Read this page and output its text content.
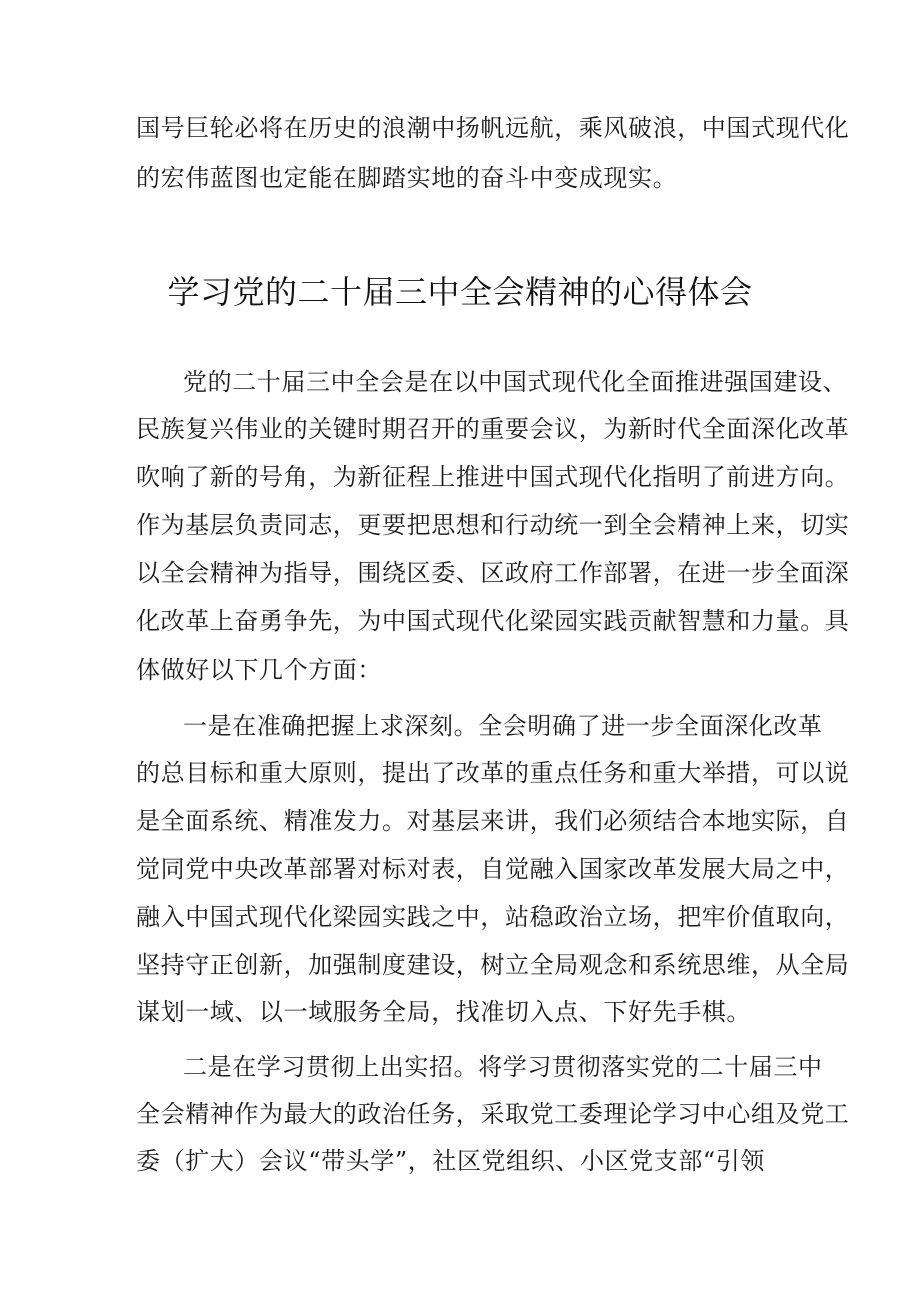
国号巨轮必将在历史的浪潮中扬帆远航，乘风破浪，中国式现代化
的宏伟蓝图也定能在脚踏实地的奋斗中变成现实。
学习党的二十届三中全会精神的心得体会
党的二十届三中全会是在以中国式现代化全面推进强国建设、
民族复兴伟业的关键时期召开的重要会议，为新时代全面深化改革
吹响了新的号角，为新征程上推进中国式现代化指明了前进方向。
作为基层负责同志，更要把思想和行动统一到全会精神上来，切实
以全会精神为指导，围绕区委、区政府工作部署，在进一步全面深
化改革上奋勇争先，为中国式现代化梁园实践贡献智慧和力量。具
体做好以下几个方面：
一是在准确把握上求深刻。全会明确了进一步全面深化改革
的总目标和重大原则，提出了改革的重点任务和重大举措，可以说
是全面系统、精准发力。对基层来讲，我们必须结合本地实际，自
觉同党中央改革部署对标对表，自觉融入国家改革发展大局之中，
融入中国式现代化梁园实践之中，站稳政治立场，把牢价值取向，
坚持守正创新，加强制度建设，树立全局观念和系统思维，从全局
谋划一域、以一域服务全局，找准切入点、下好先手棋。
二是在学习贯彻上出实招。将学习贯彻落实党的二十届三中
全会精神作为最大的政治任务，采取党工委理论学习中心组及党工
委（扩大）会议“带头学”，社区党组织、小区党支部“引领
